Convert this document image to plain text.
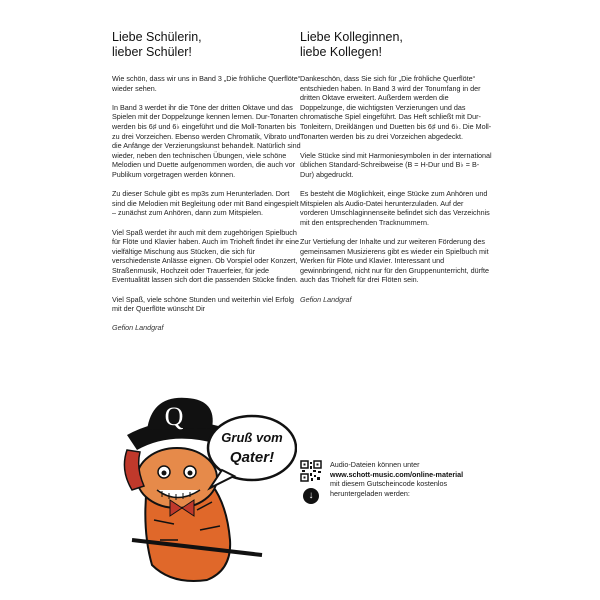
Liebe Schülerin,
lieber Schüler!
Wie schön, dass wir uns in Band 3 „Die fröhliche Querflöte“ wieder sehen.
In Band 3 werdet ihr die Töne der dritten Oktave und das Spielen mit der Doppelzunge kennen lernen. Dur-Tonarten werden bis 6♯ und 6♭ eingeführt und die Moll-Tonarten bis zu drei Vorzeichen. Ebenso werden Chromatik, Vibrato und die Anfänge der Verzierungskunst behandelt. Natürlich sind wieder, neben den technischen Übungen, viele schöne Melodien und Duette aufgenommen worden, die auch vor Publikum vorgetragen werden können.
Zu dieser Schule gibt es mp3s zum Herunterladen. Dort sind die Melodien mit Begleitung oder mit Band eingespielt – zunächst zum Anhören, dann zum Mitspielen.
Viel Spaß werdet ihr auch mit dem zugehörigen Spielbuch für Flöte und Klavier haben. Auch im Trioheft findet ihr eine vielfältige Mischung aus Stücken, die sich für verschiedenste Anlässe eignen. Ob Vorspiel oder Konzert, Straßenmusik, Hochzeit oder Trauerfeier, für jede Eventualität lassen sich dort die passenden Stücke finden.
Viel Spaß, viele schöne Stunden und weiterhin viel Erfolg mit der Querflöte wünscht Dir
Gefion Landgraf
Liebe Kolleginnen,
liebe Kollegen!
Dankeschön, dass Sie sich für „Die fröhliche Querflöte“ entschieden haben. In Band 3 wird der Tonumfang in der dritten Oktave erweitert. Außerdem werden die Doppelzunge, die wichtigsten Verzierungen und das chromatische Spiel eingeführt. Das Heft schließt mit Dur-Tonleitern, Dreiklängen und Duetten bis 6♯ und 6♭. Die Moll-Tonarten werden bis zu drei Vorzeichen abgedeckt.
Viele Stücke sind mit Harmoniesymbolen in der international üblichen Standard-Schreibweise (B = H-Dur und B♭ = B-Dur) abgedruckt.
Es besteht die Möglichkeit, einge Stücke zum Anhören und Mitspielen als Audio-Datei herunterzuladen. Auf der vorderen Umschlaginnenseite befindet sich das Verzeichnis mit den entsprechenden Tracknummern.
Zur Vertiefung der Inhalte und zur weiteren Förderung des gemeinsamen Musizierens gibt es wieder ein Spielbuch mit Werken für Flöte und Klavier. Interessant und gewinnbringend, nicht nur für den Gruppenunterricht, dürfte auch das Trioheft für drei Flöten sein.
Gefion Landgraf
Q
Gruß vom
Qater!
↓
Audio-Dateien können unter
www.schott-music.com/online-material
mit diesem Gutscheincode kostenlos heruntergeladen werden:
